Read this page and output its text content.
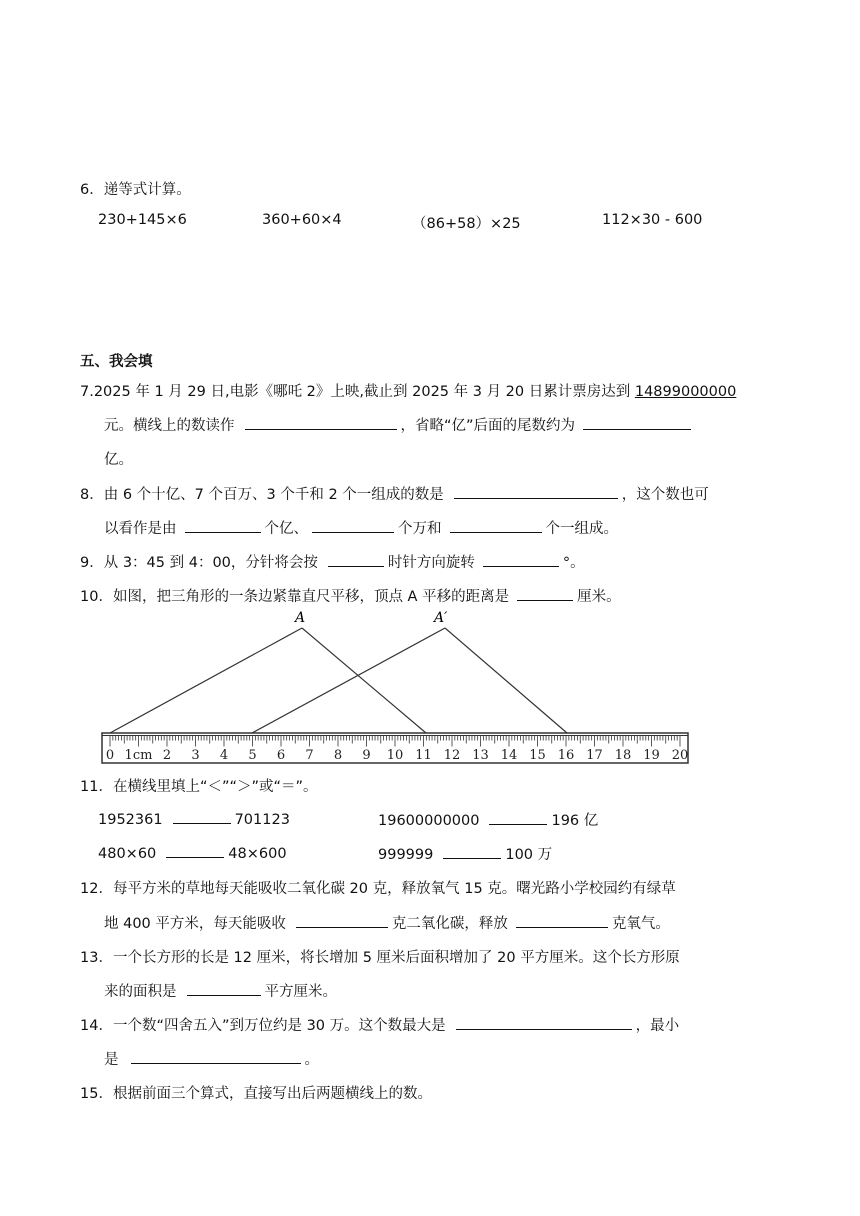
6．递等式计算。
230+145×6	360+60×4	（86+58）×25	112×30 - 600
五、我会填
7.2025 年 1 月 29 日,电影《哪吒 2》上映,截止到 2025 年 3 月 20 日累计票房达到 14899000000
元。横线上的数读作	，省略“亿”后面的尾数约为
亿。
8．由 6 个十亿、7 个百万、3 个千和 2 个一组成的数是	，这个数也可
以看作是由	个亿、	个万和	个一组成。
9．从 3：45 到 4：00，分针将会按	时针方向旋转	°。
10．如图，把三角形的一条边紧靠直尺平移，顶点 A 平移的距离是	厘米。
0 1cm 2 3 4 5 6 7 8 9 10 11 12 13 14 15 16 17 18 19 20
A	A′
11．在横线里填上“＜”“＞”或“＝”。
1952361	701123	19600000000	196 亿
480×60	48×600	999999	100 万
12．每平方米的草地每天能吸收二氧化碳 20 克，释放氧气 15 克。曙光路小学校园约有绿草
地 400 平方米，每天能吸收	克二氧化碳，释放	克氧气。
13．一个长方形的长是 12 厘米，将长增加 5 厘米后面积增加了 20 平方厘米。这个长方形原
来的面积是	平方厘米。
14．一个数“四舍五入”到万位约是 30 万。这个数最大是	，最小
是	。
15．根据前面三个算式，直接写出后两题横线上的数。
